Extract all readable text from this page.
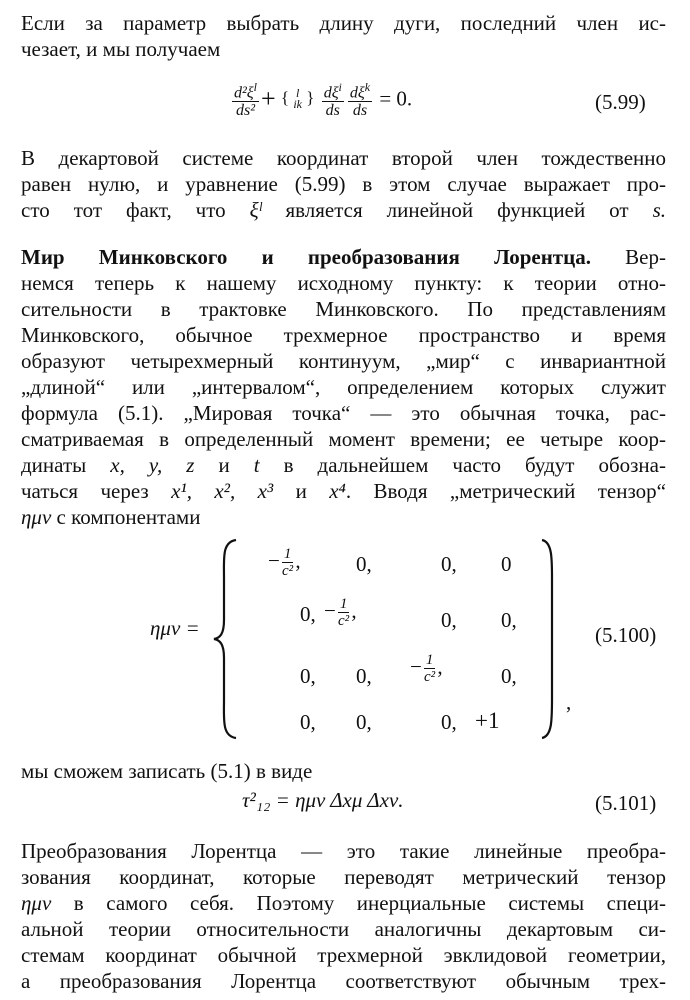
Если за параметр выбрать длину дуги, последний член ис-
чезает, и мы получаем
$\frac{d^2\xi^l}{\text{ds²}}$ + { l
ik } $\frac{d\xi^i}{ds} \frac{d\xi^k}{ds} = 0$.	(5.99)
В декартовой системе координат второй член тождественно
равен нулю, и уравнение (5.99) в этом случае выражает про-
сто тот факт, что ξˡ является линейной функцией от s.
Мир Минковского и преобразования Лорентца. Вер-
немся теперь к нашему исходному пункту: к теории отно-
сительности в трактовке Минковского. По представлениям
Минковского, обычное трехмерное пространство и время
образуют четырехмерный континуум, „мир“ с инвариантной
„длиной“ или „интервалом“, определением которых служит
формула (5.1). „Мировая точка“ — это обычная точка, рас-
сматриваемая в определенный момент времени; ее четыре коор-
динаты x, y, z и t в дальнейшем часто будут обозна-
чаться через x¹, x², x³ и x⁴. Вводя „метрический тензор“
ημν с компонентами
ημν =
− $\frac{1}{\text{c²}}$ ,	0,	0, 0
0, − $\frac{1}{\text{c²}}$ ,	0, 0,
0, 0, − $\frac{1}{\text{c²}}$ ,	0,
0, 0,	0, +1
,
(5.100)
мы сможем записать (5.1) в виде
τ²₁₂ = ημν Δxμ Δxν.	(5.101)
Преобразования Лорентца — это такие линейные преобра-
зования координат, которые переводят метрический тензор
ημν в самого себя. Поэтому инерциальные системы специ-
альной теории относительности аналогичны декартовым си-
стемам координат обычной трехмерной эвклидовой геометрии,
а преобразования Лорентца соответствуют обычным трех-
